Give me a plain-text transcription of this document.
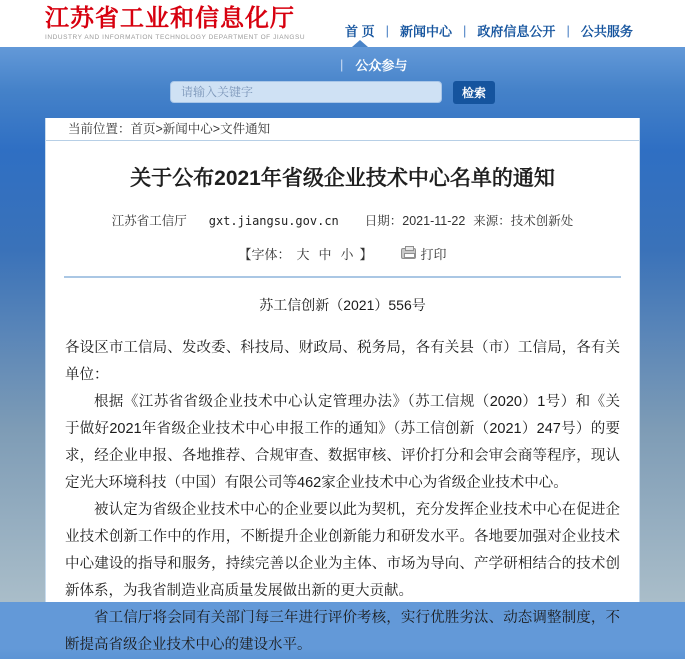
江苏省工业和信息化厅
INDUSTRY AND INFORMATION TECHNOLOGY DEPARTMENT OF JIANGSU	首 页 | 新闻中心 | 政府信息公开 | 公共服务
| 公众参与
请输入关键字
检索
当前位置：首页>新闻中心>文件通知
关于公布2021年省级企业技术中心名单的通知
江苏省工信厅 gxt.jiangsu.gov.cn 日期：2021-11-22 来源：技术创新处
【字体： 大 中 小 】	打印
苏工信创新（2021）556号

各设区市工信局、发改委、科技局、财政局、税务局，各有关县（市）工信局，各有关单位：

根据《江苏省省级企业技术中心认定管理办法》（苏工信规（2020）1号）和《关于做好2021年省级企业技术中心申报工作的通知》（苏工信创新（2021）247号）的要求，经企业申报、各地推荐、合规审查、数据审核、评价打分和会审会商等程序，现认定光大环境科技（中国）有限公司等462家企业技术中心为省级企业技术中心。

被认定为省级企业技术中心的企业要以此为契机，充分发挥企业技术中心在促进企业技术创新工作中的作用，不断提升企业创新能力和研发水平。各地要加强对企业技术中心建设的指导和服务，持续完善以企业为主体、市场为导向、产学研相结合的技术创新体系，为我省制造业高质量发展做出新的更大贡献。

省工信厅将会同有关部门每三年进行评价考核，实行优胜劣汰、动态调整制度，不断提高省级企业技术中心的建设水平。
